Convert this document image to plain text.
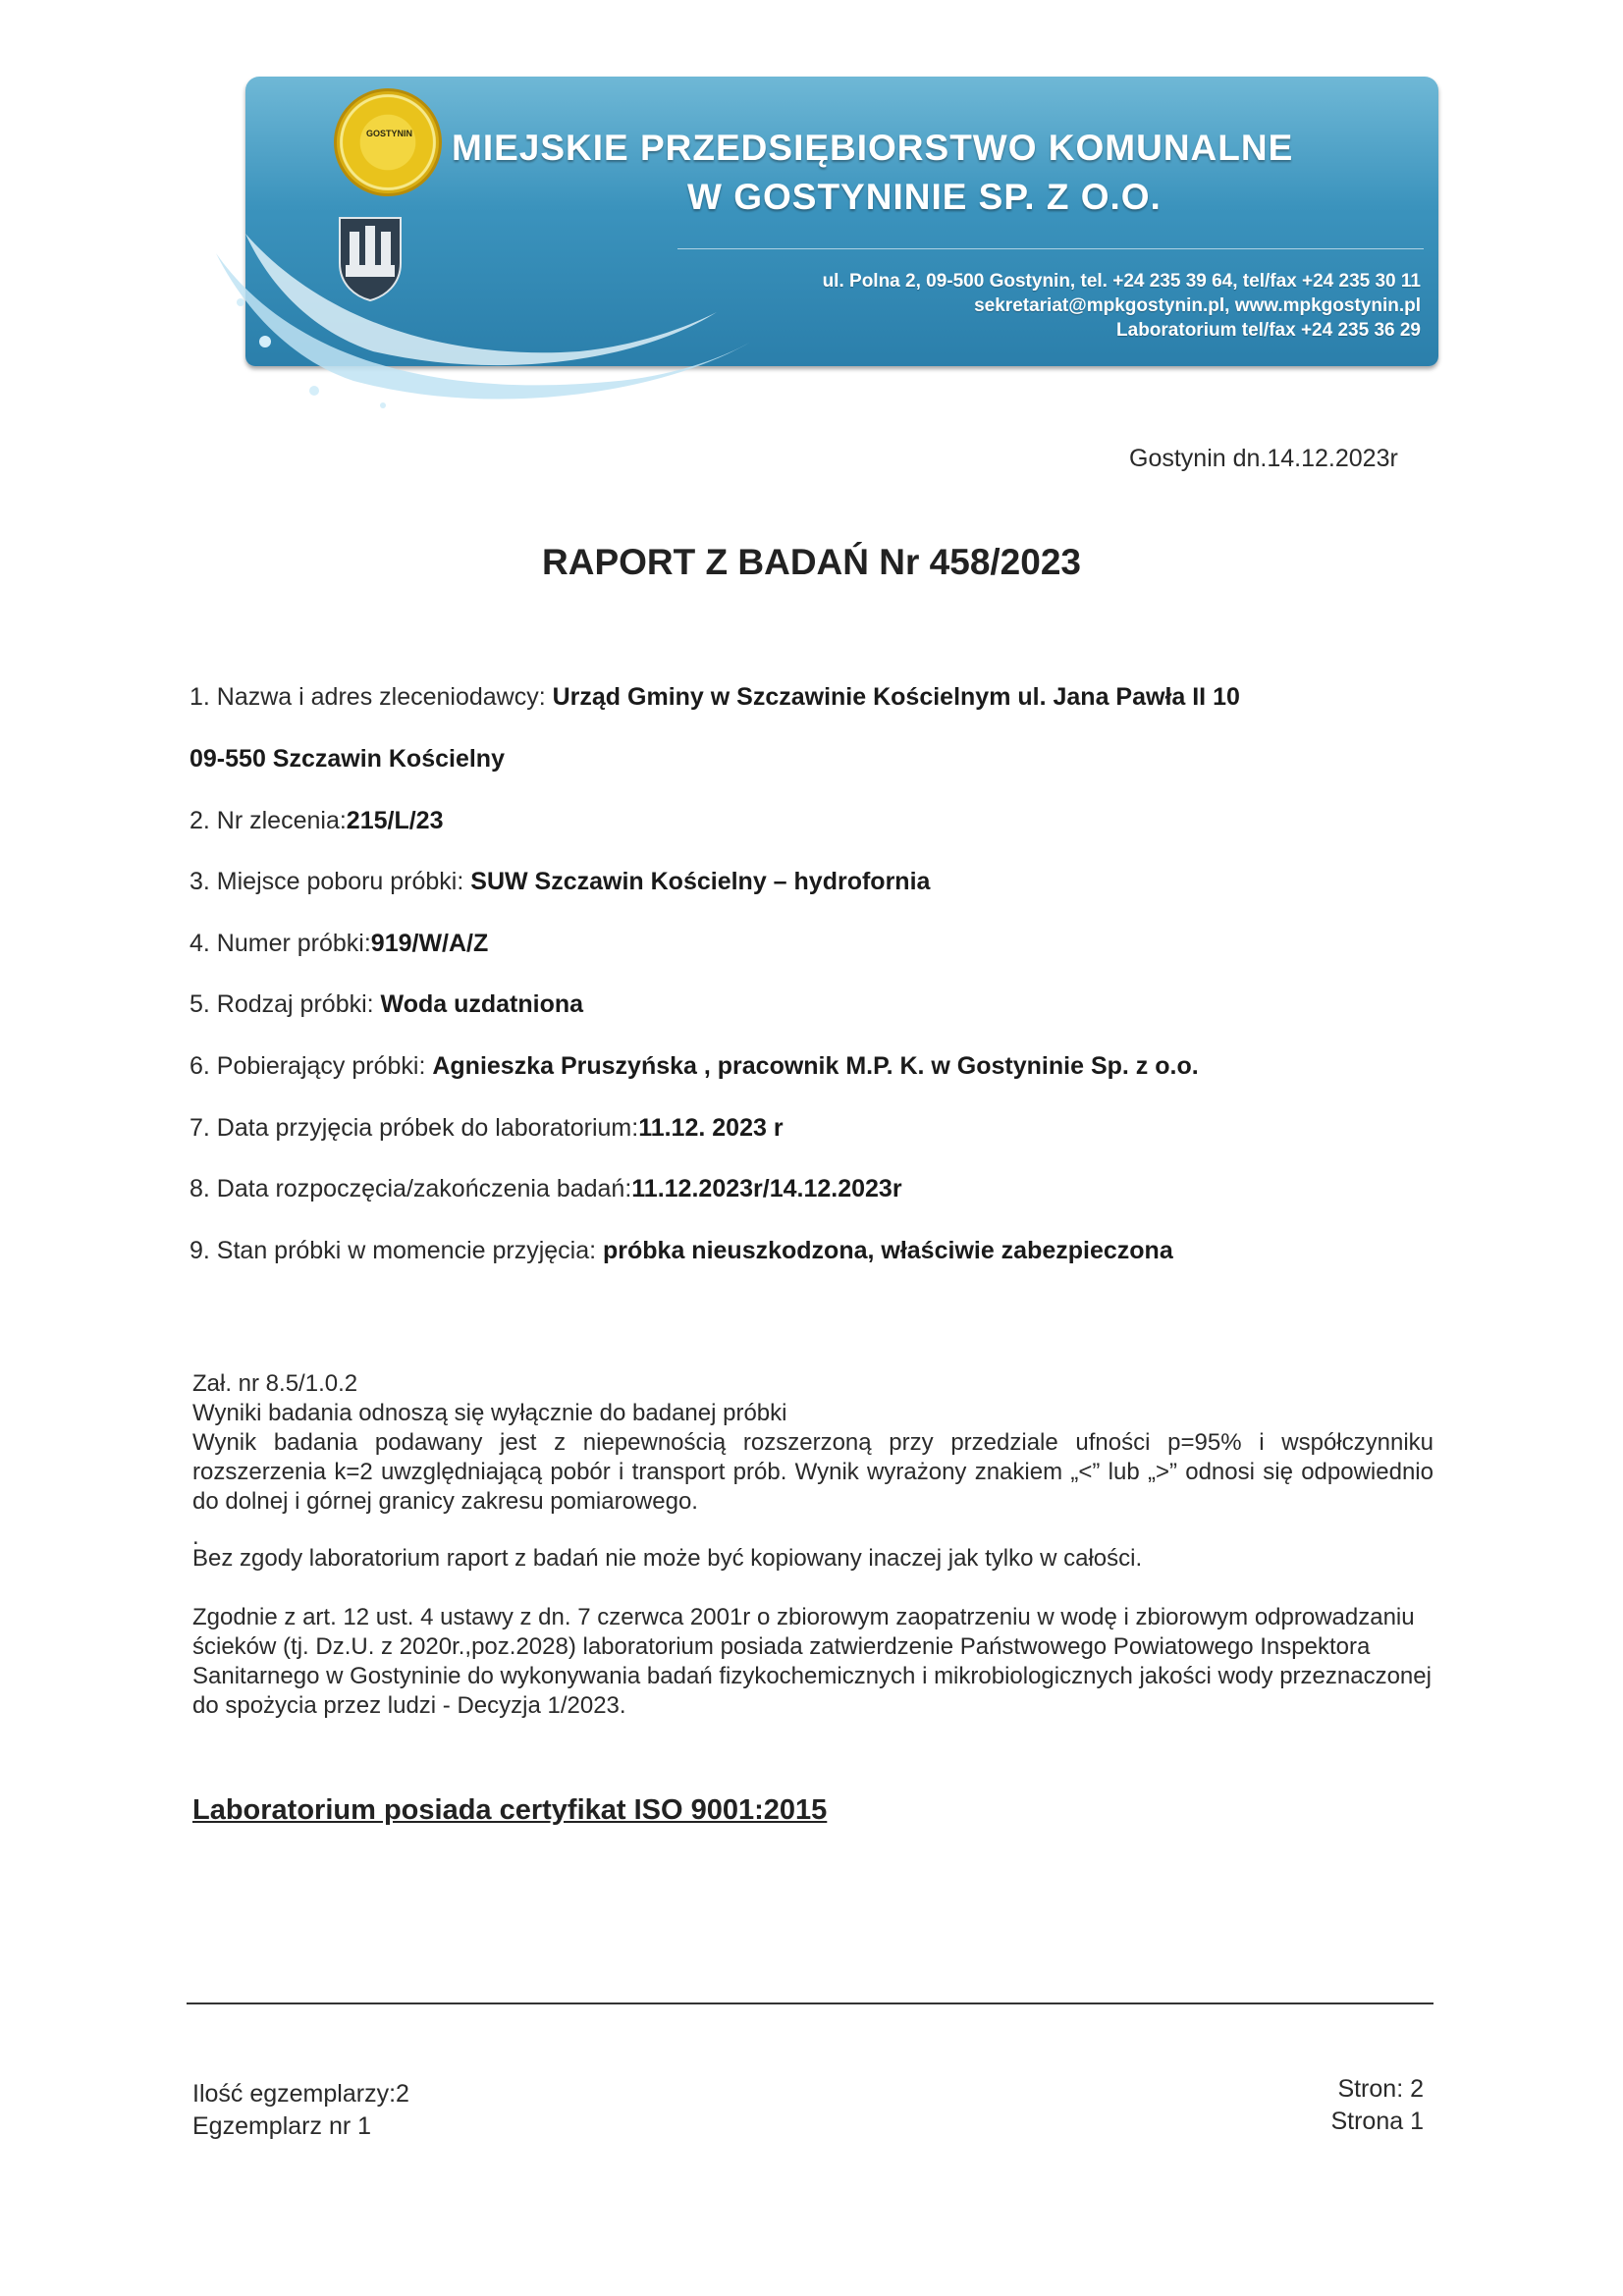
GOSTYNIN MIEJSKIE PRZEDSIĘBIORSTWO KOMUNALNE
W GOSTYNINIE SP. Z O.O.
ul. Polna 2, 09-500 Gostynin, tel. +24 235 39 64, tel/fax +24 235 30 11
sekretariat@mpkgostynin.pl, www.mpkgostynin.pl
Laboratorium tel/fax +24 235 36 29
Gostynin dn.14.12.2023r
RAPORT Z BADAŃ Nr 458/2023
1. Nazwa i adres zleceniodawcy: Urząd Gminy w Szczawinie Kościelnym ul. Jana Pawła II 10
09-550 Szczawin Kościelny
2. Nr zlecenia:215/L/23
3. Miejsce poboru próbki: SUW Szczawin Kościelny – hydrofornia
4. Numer próbki:919/W/A/Z
5. Rodzaj próbki: Woda uzdatniona
6. Pobierający próbki: Agnieszka Pruszyńska , pracownik M.P. K. w Gostyninie Sp. z o.o.
7. Data przyjęcia próbek do laboratorium:11.12. 2023 r
8. Data rozpoczęcia/zakończenia badań:11.12.2023r/14.12.2023r
9. Stan próbki w momencie przyjęcia: próbka nieuszkodzona, właściwie zabezpieczona

Zał. nr 8.5/1.0.2

Wyniki badania odnoszą się wyłącznie do badanej próbki

Wynik badania podawany jest z niepewnością rozszerzoną przy przedziale ufności p=95% i współczynniku rozszerzenia k=2 uwzględniającą pobór i transport prób. Wynik wyrażony znakiem „<” lub „>” odnosi się odpowiednio do dolnej i górnej granicy zakresu pomiarowego.

.

Bez zgody laboratorium raport z badań nie może być kopiowany inaczej jak tylko w całości.

Zgodnie z art. 12 ust. 4 ustawy z dn. 7 czerwca 2001r o zbiorowym zaopatrzeniu w wodę i zbiorowym odprowadzaniu ścieków (tj. Dz.U. z 2020r.,poz.2028) laboratorium posiada zatwierdzenie Państwowego Powiatowego Inspektora Sanitarnego w Gostyninie do wykonywania badań fizykochemicznych i mikrobiologicznych jakości wody przeznaczonej do spożycia przez ludzi - Decyzja 1/2023.

Laboratorium posiada certyfikat ISO 9001:2015
Ilość egzemplarzy:2
Egzemplarz nr 1
Stron: 2
Strona 1
